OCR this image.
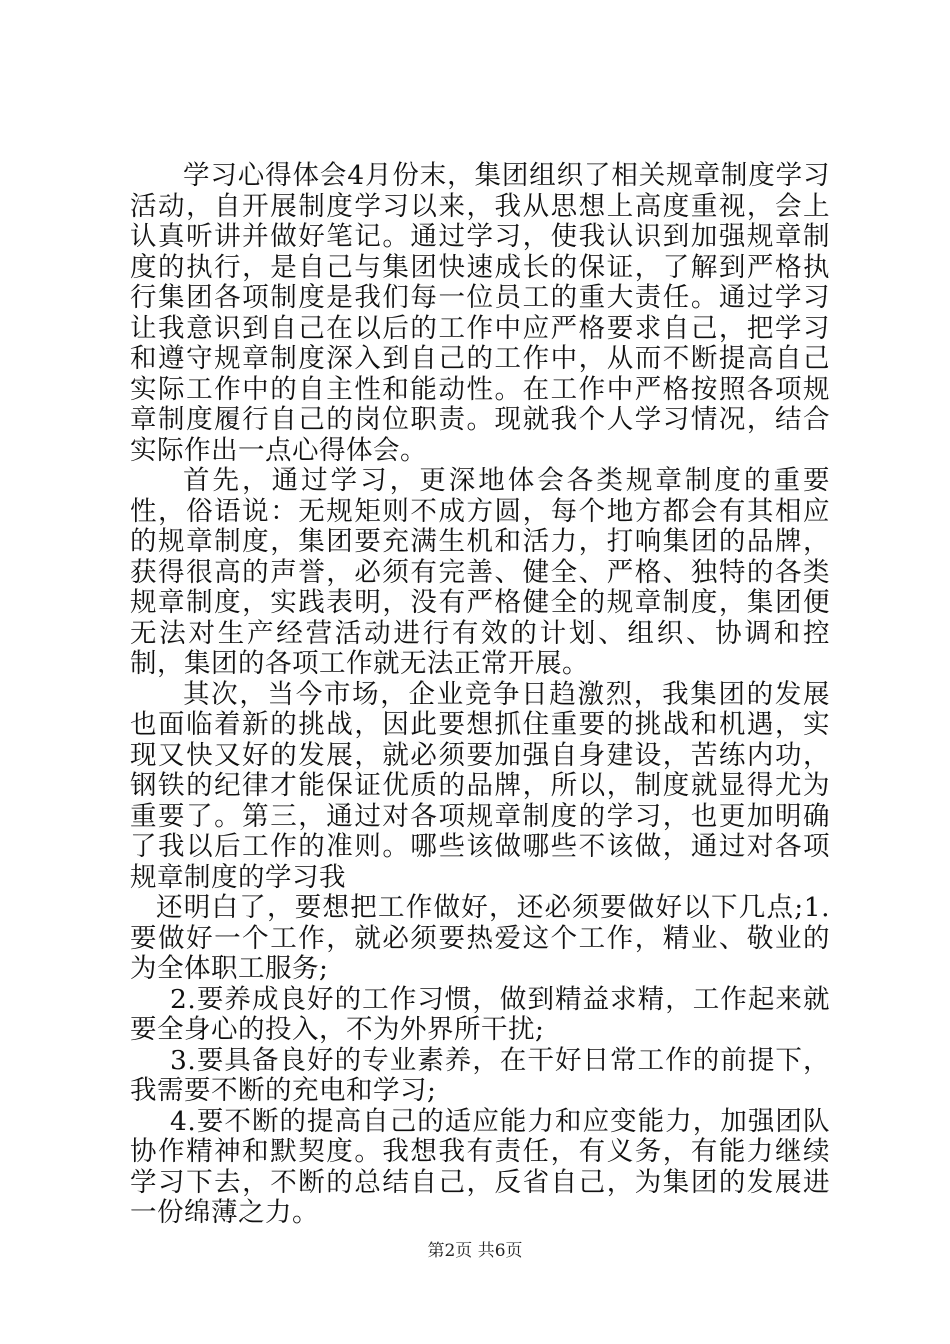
学习心得体会4月份末，集团组织了相关规章制度学习活动，自开展制度学习以来，我从思想上高度重视，会上认真听讲并做好笔记。通过学习，使我认识到加强规章制度的执行，是自己与集团快速成长的保证，了解到严格执行集团各项制度是我们每一位员工的重大责任。通过学习让我意识到自己在以后的工作中应严格要求自己，把学习和遵守规章制度深入到自己的工作中，从而不断提高自己实际工作中的自主性和能动性。在工作中严格按照各项规章制度履行自己的岗位职责。现就我个人学习情况，结合实际作出一点心得体会。

首先，通过学习，更深地体会各类规章制度的重要性，俗语说：无规矩则不成方圆，每个地方都会有其相应的规章制度，集团要充满生机和活力，打响集团的品牌，获得很高的声誉，必须有完善、健全、严格、独特的各类规章制度，实践表明，没有严格健全的规章制度，集团便无法对生产经营活动进行有效的计划、组织、协调和控制，集团的各项工作就无法正常开展。

其次，当今市场，企业竞争日趋激烈，我集团的发展也面临着新的挑战，因此要想抓住重要的挑战和机遇，实现又快又好的发展，就必须要加强自身建设，苦练内功，钢铁的纪律才能保证优质的品牌，所以，制度就显得尤为重要了。第三，通过对各项规章制度的学习，也更加明确了我以后工作的准则。哪些该做哪些不该做，通过对各项规章制度的学习我

还明白了，要想把工作做好，还必须要做好以下几点;1.要做好一个工作，就必须要热爱这个工作，精业、敬业的为全体职工服务;

2.要养成良好的工作习惯，做到精益求精，工作起来就要全身心的投入，不为外界所干扰;

3.要具备良好的专业素养，在干好日常工作的前提下，我需要不断的充电和学习;

4.要不断的提高自己的适应能力和应变能力，加强团队协作精神和默契度。我想我有责任，有义务，有能力继续学习下去，不断的总结自己，反省自己，为集团的发展进一份绵薄之力。

第2页 共6页
